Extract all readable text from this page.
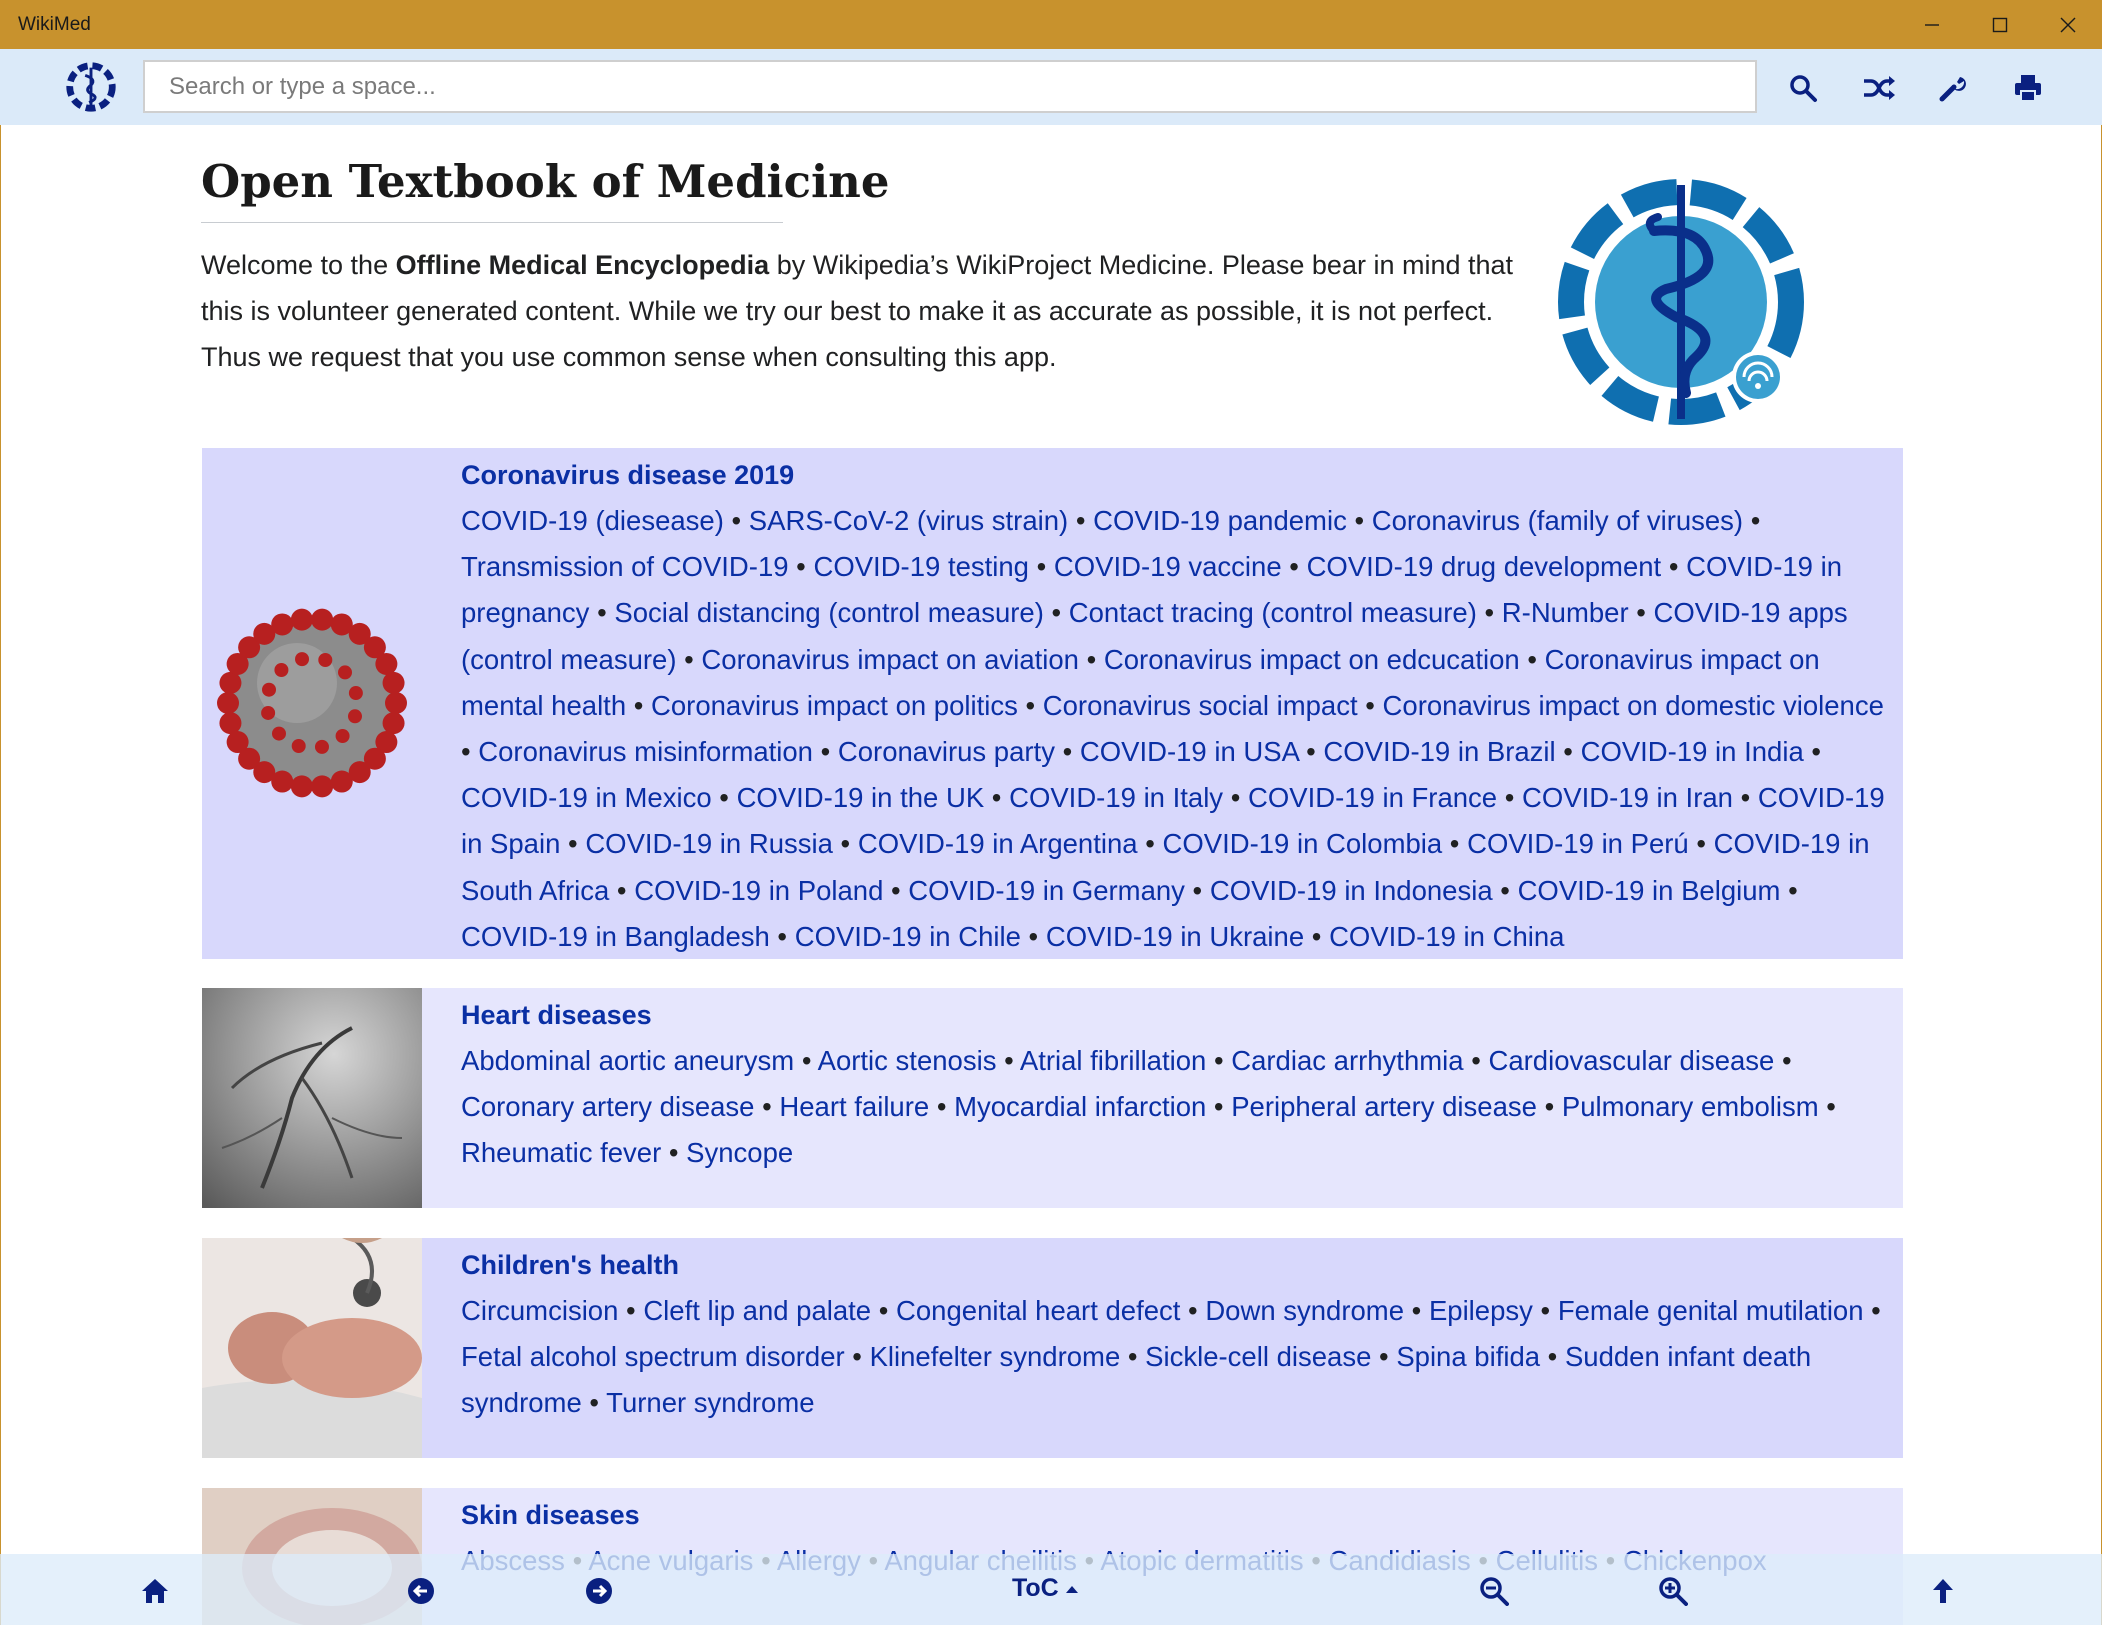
WikiMed
Search or type a space...
Open Textbook of Medicine

Welcome to the Offline Medical Encyclopedia by Wikipedia’s WikiProject Medicine. Please bear in mind that this is volunteer generated content. While we try our best to make it as accurate as possible, it is not perfect. Thus we request that you use common sense when consulting this app.

Coronavirus disease 2019
COVID-19 (diesease) • SARS-CoV-2 (virus strain) • COVID-19 pandemic • Coronavirus (family of viruses) • Transmission of COVID-19 • COVID-19 testing • COVID-19 vaccine • COVID-19 drug development • COVID-19 in pregnancy • Social distancing (control measure) • Contact tracing (control measure) • R-Number • COVID-19 apps (control measure) • Coronavirus impact on aviation • Coronavirus impact on edcucation • Coronavirus impact on mental health • Coronavirus impact on politics • Coronavirus social impact • Coronavirus impact on domestic violence • Coronavirus misinformation • Coronavirus party • COVID-19 in USA • COVID-19 in Brazil • COVID-19 in India • COVID-19 in Mexico • COVID-19 in the UK • COVID-19 in Italy • COVID-19 in France • COVID-19 in Iran • COVID-19 in Spain • COVID-19 in Russia • COVID-19 in Argentina • COVID-19 in Colombia • COVID-19 in Perú • COVID-19 in South Africa • COVID-19 in Poland • COVID-19 in Germany • COVID-19 in Indonesia • COVID-19 in Belgium • COVID-19 in Bangladesh • COVID-19 in Chile • COVID-19 in Ukraine • COVID-19 in China
Heart diseases
Abdominal aortic aneurysm • Aortic stenosis • Atrial fibrillation • Cardiac arrhythmia • Cardiovascular disease • Coronary artery disease • Heart failure • Myocardial infarction • Peripheral artery disease • Pulmonary embolism • Rheumatic fever • Syncope
Children's health
Circumcision • Cleft lip and palate • Congenital heart defect • Down syndrome • Epilepsy • Female genital mutilation • Fetal alcohol spectrum disorder • Klinefelter syndrome • Sickle-cell disease • Spina bifida • Sudden infant death syndrome • Turner syndrome
Skin diseases
ToC
